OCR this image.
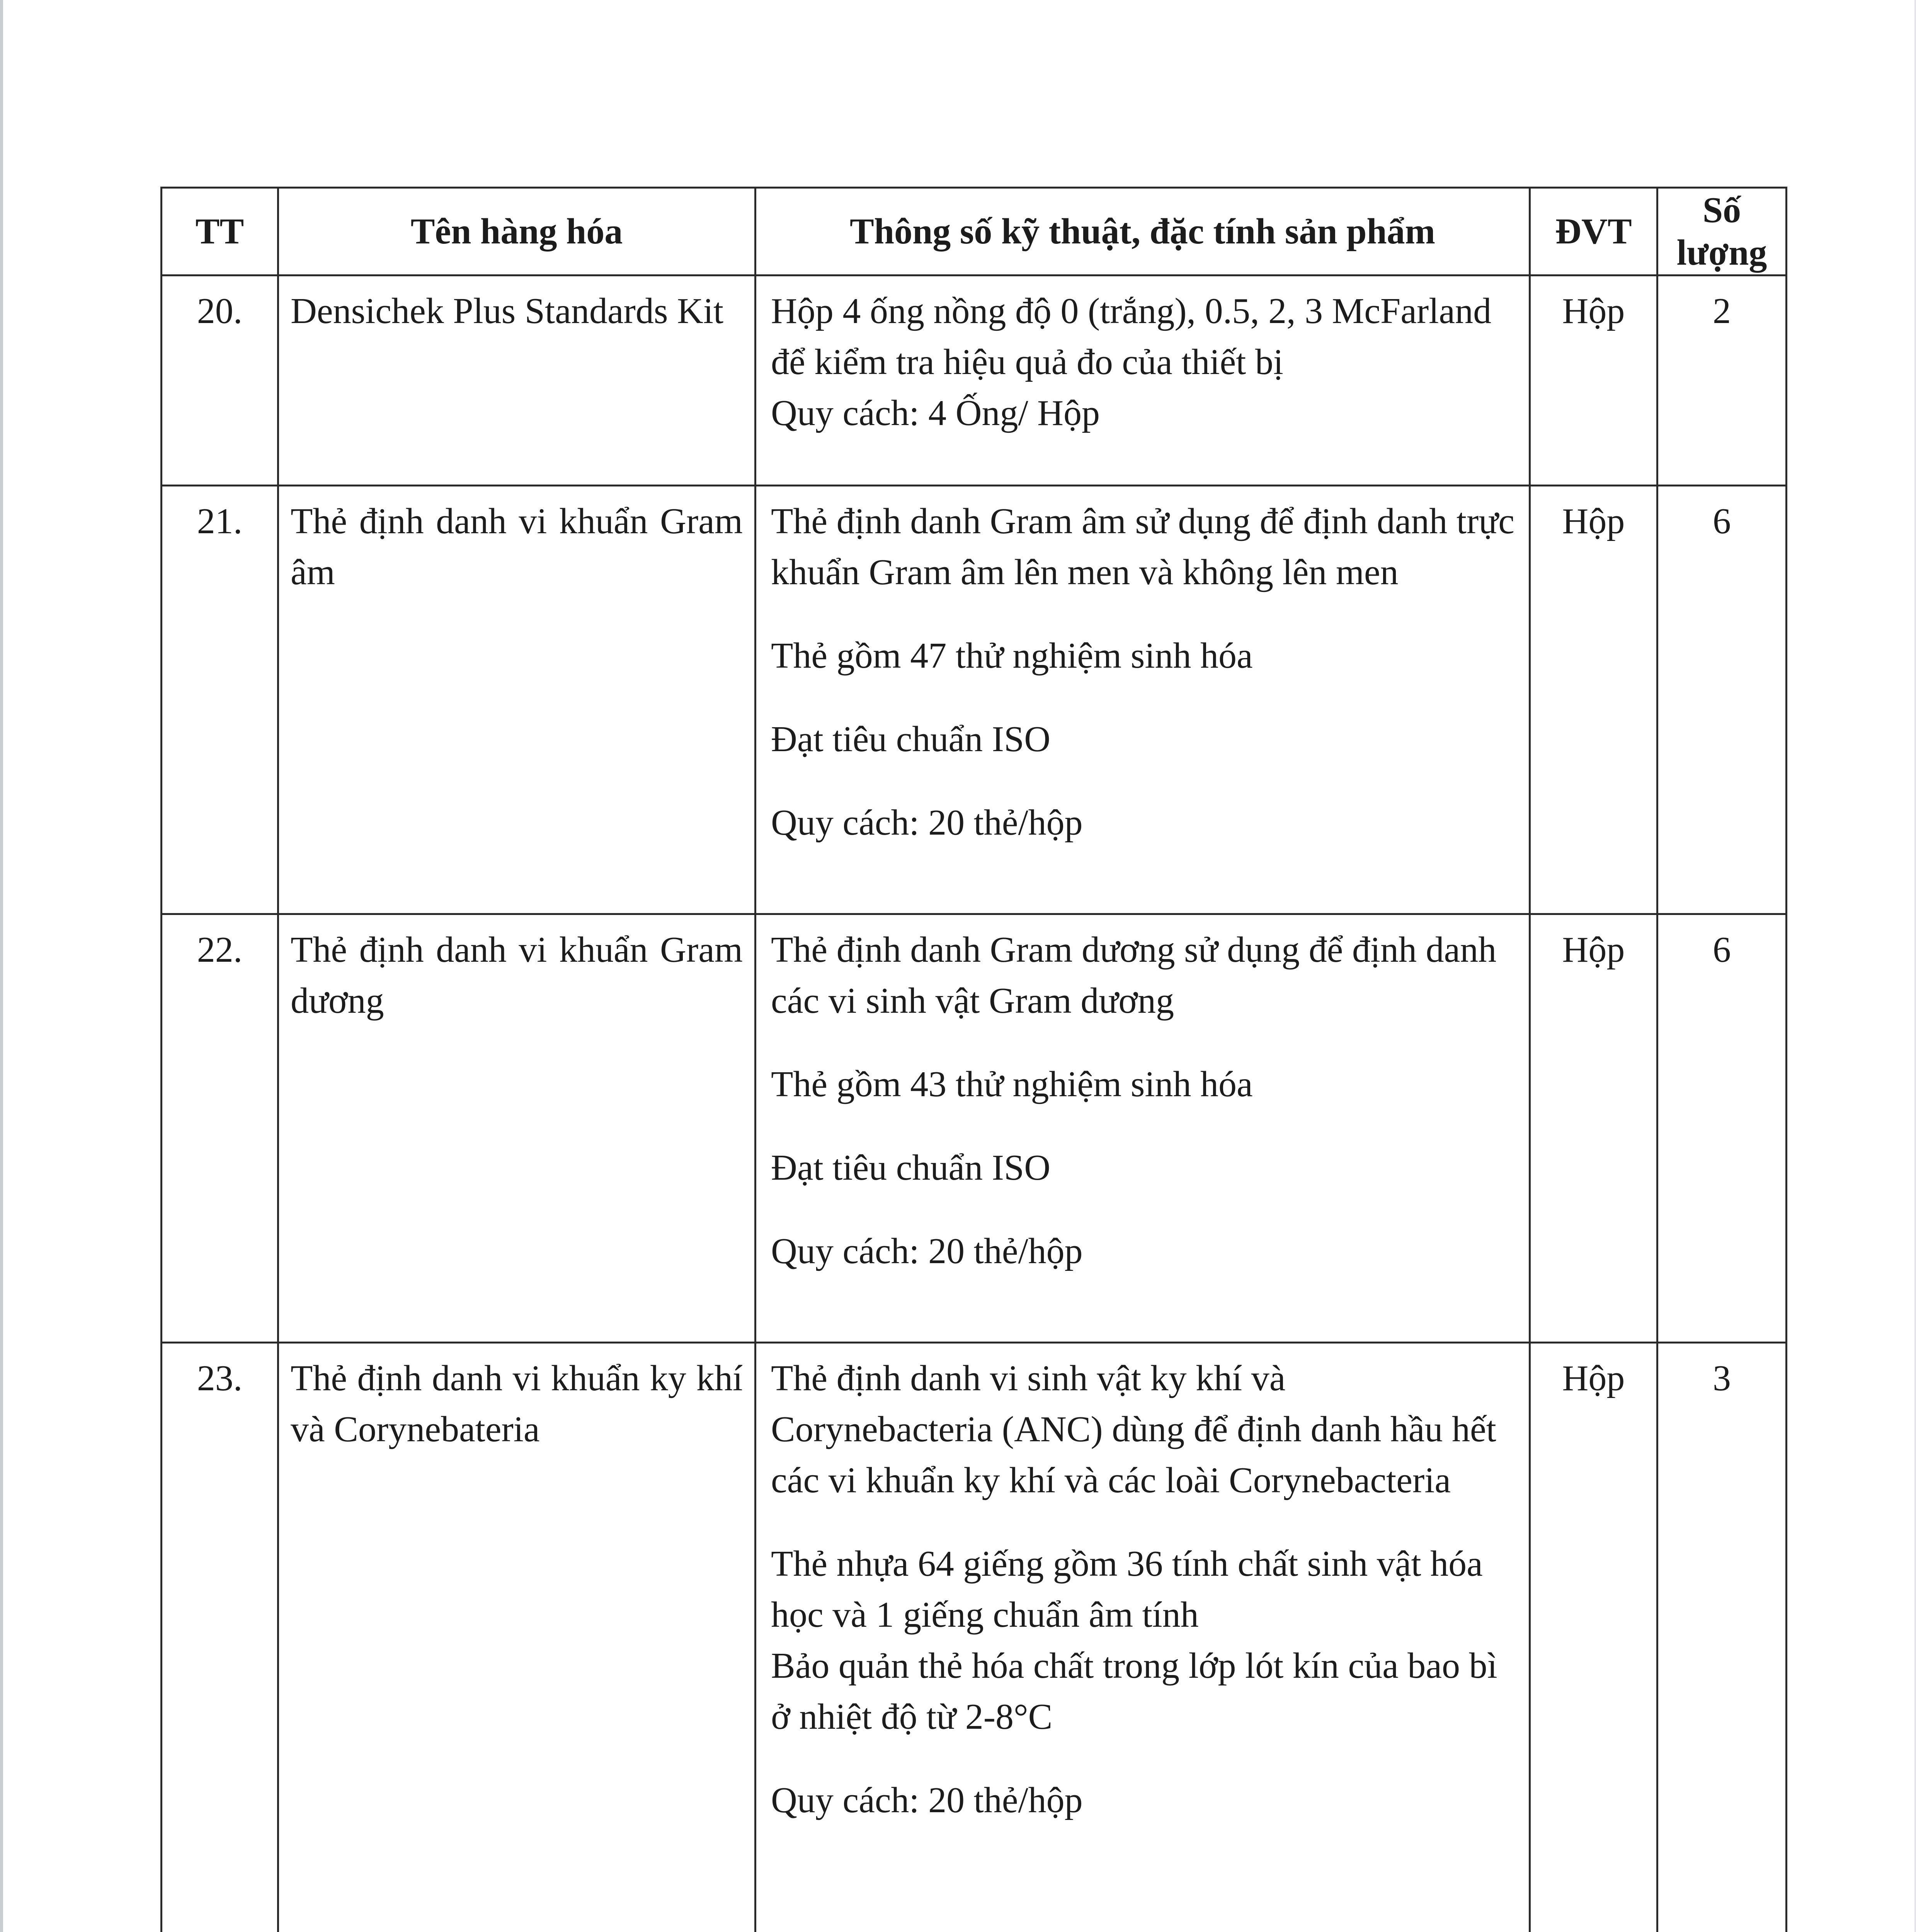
TT	Tên hàng hóa	Thông số kỹ thuật, đặc tính sản phẩm	ĐVT	Số lượng
20.	Densichek Plus Standards Kit	Hộp 4 ống nồng độ 0 (trắng), 0.5, 2, 3 McFarland để kiểm tra hiệu quả đo của thiết bị
Quy cách: 4 Ống/ Hộp	Hộp	2
21.	Thẻ định danh vi khuẩn Gram âm	Thẻ định danh Gram âm sử dụng để định danh trực khuẩn Gram âm lên men và không lên men
Thẻ gồm 47 thử nghiệm sinh hóa
Đạt tiêu chuẩn ISO
Quy cách: 20 thẻ/hộp	Hộp	6
22.	Thẻ định danh vi khuẩn Gram dương	Thẻ định danh Gram dương sử dụng để định danh các vi sinh vật Gram dương
Thẻ gồm 43 thử nghiệm sinh hóa
Đạt tiêu chuẩn ISO
Quy cách: 20 thẻ/hộp	Hộp	6
23.	Thẻ định danh vi khuẩn ky khí và Corynebateria	Thẻ định danh vi sinh vật ky khí và Corynebacteria (ANC) dùng để định danh hầu hết các vi khuẩn ky khí và các loài Corynebacteria
Thẻ nhựa 64 giếng gồm 36 tính chất sinh vật hóa học và 1 giếng chuẩn âm tính
Bảo quản thẻ hóa chất trong lớp lót kín của bao bì ở nhiệt độ từ 2-8°C
Quy cách: 20 thẻ/hộp	Hộp	3
